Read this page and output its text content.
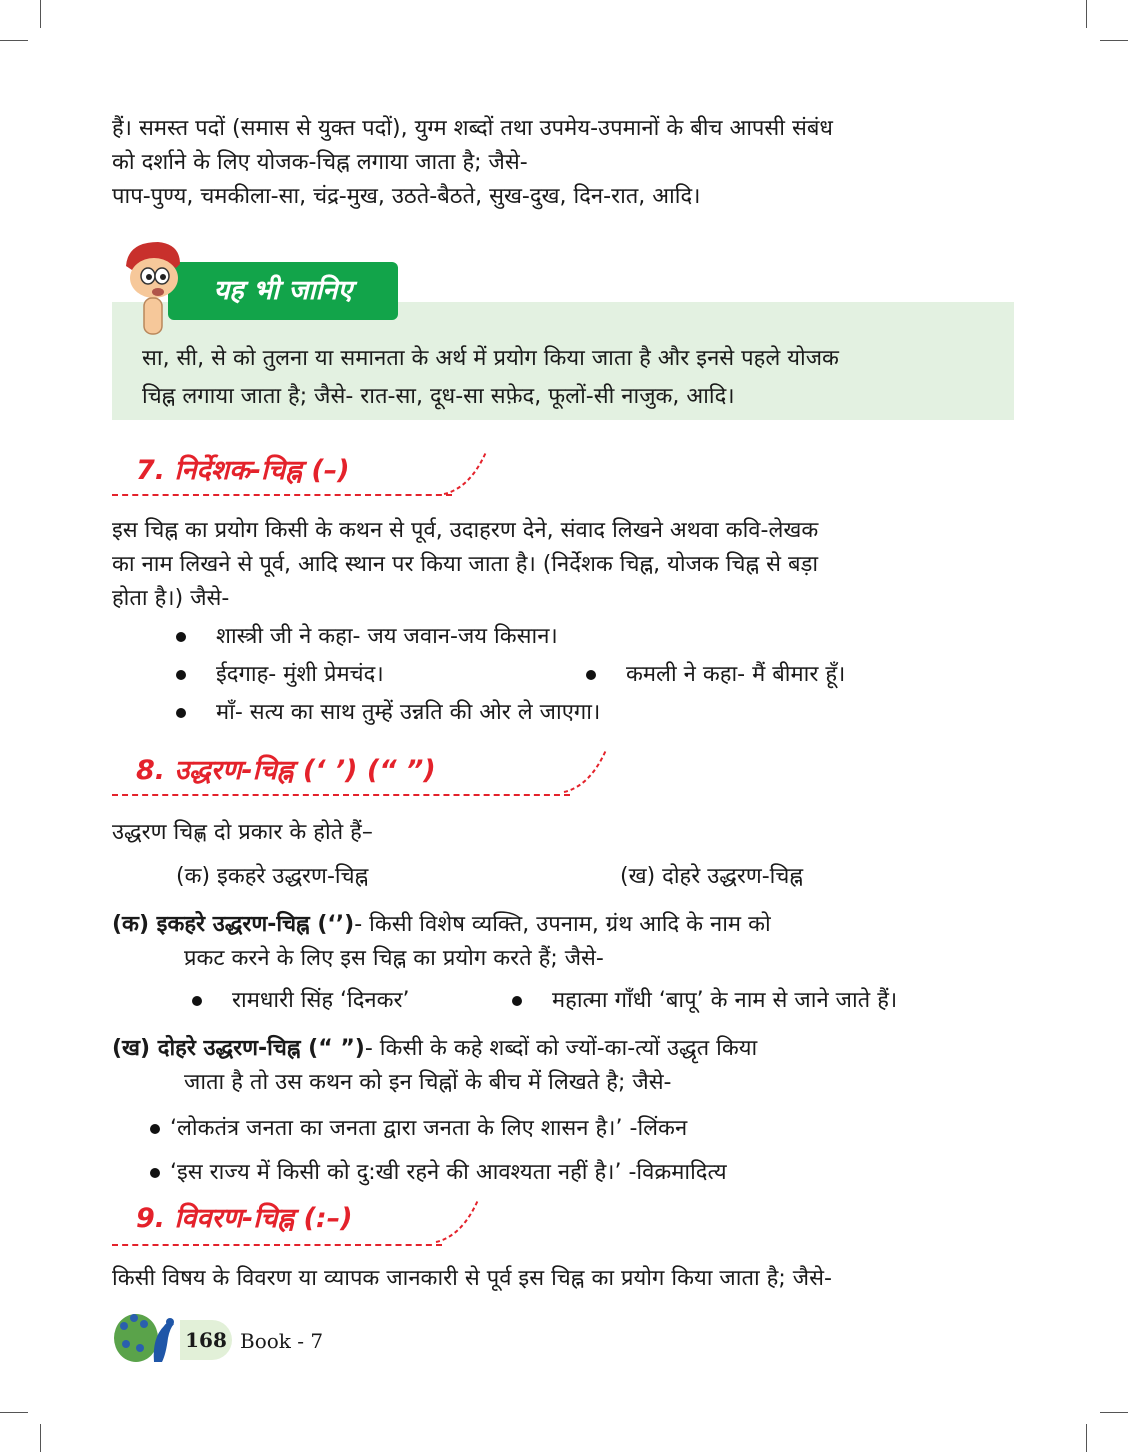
हैं। समस्त पदों (समास से युक्त पदों), युग्म शब्दों तथा उपमेय-उपमानों के बीच आपसी संबंध
को दर्शाने के लिए योजक-चिह्न लगाया जाता है; जैसे-
पाप-पुण्य, चमकीला-सा, चंद्र-मुख, उठते-बैठते, सुख-दुख, दिन-रात, आदि।
सा, सी, से को तुलना या समानता के अर्थ में प्रयोग किया जाता है और इनसे पहले योजक
चिह्न लगाया जाता है; जैसे- रात-सा, दूध-सा सफ़ेद, फूलों-सी नाजुक, आदि।
यह भी जानिए
7. निर्देशक-चिह्न (–)
इस चिह्न का प्रयोग किसी के कथन से पूर्व, उदाहरण देने, संवाद लिखने अथवा कवि-लेखक
का नाम लिखने से पूर्व, आदि स्थान पर किया जाता है। (निर्देशक चिह्न, योजक चिह्न से बड़ा
होता है।) जैसे-
शास्त्री जी ने कहा- जय जवान-जय किसान।
ईदगाह- मुंशी प्रेमचंद।	कमली ने कहा- मैं बीमार हूँ।
माँ- सत्य का साथ तुम्हें उन्नति की ओर ले जाएगा।
8. उद्धरण-चिह्न (‘ ’) (“ ”)
उद्धरण चिह्ण दो प्रकार के होते हैं–
(क) इकहरे उद्धरण-चिह्न	(ख) दोहरे उद्धरण-चिह्न
(क) इकहरे उद्धरण-चिह्न (‘’)- किसी विशेष व्यक्ति, उपनाम, ग्रंथ आदि के नाम को
प्रकट करने के लिए इस चिह्न का प्रयोग करते हैं; जैसे-
रामधारी सिंह ‘दिनकर’	महात्मा गाँधी ‘बापू’ के नाम से जाने जाते हैं।
(ख) दोहरे उद्धरण-चिह्न (“ ”)- किसी के कहे शब्दों को ज्यों-का-त्यों उद्धृत किया
जाता है तो उस कथन को इन चिह्नों के बीच में लिखते है; जैसे-
‘लोकतंत्र जनता का जनता द्वारा जनता के लिए शासन है।’ -लिंकन
‘इस राज्य में किसी को दु:खी रहने की आवश्यता नहीं है।’ -विक्रमादित्य
9. विवरण-चिह्न (:–)
किसी विषय के विवरण या व्यापक जानकारी से पूर्व इस चिह्न का प्रयोग किया जाता है; जैसे-
168 Book - 7
